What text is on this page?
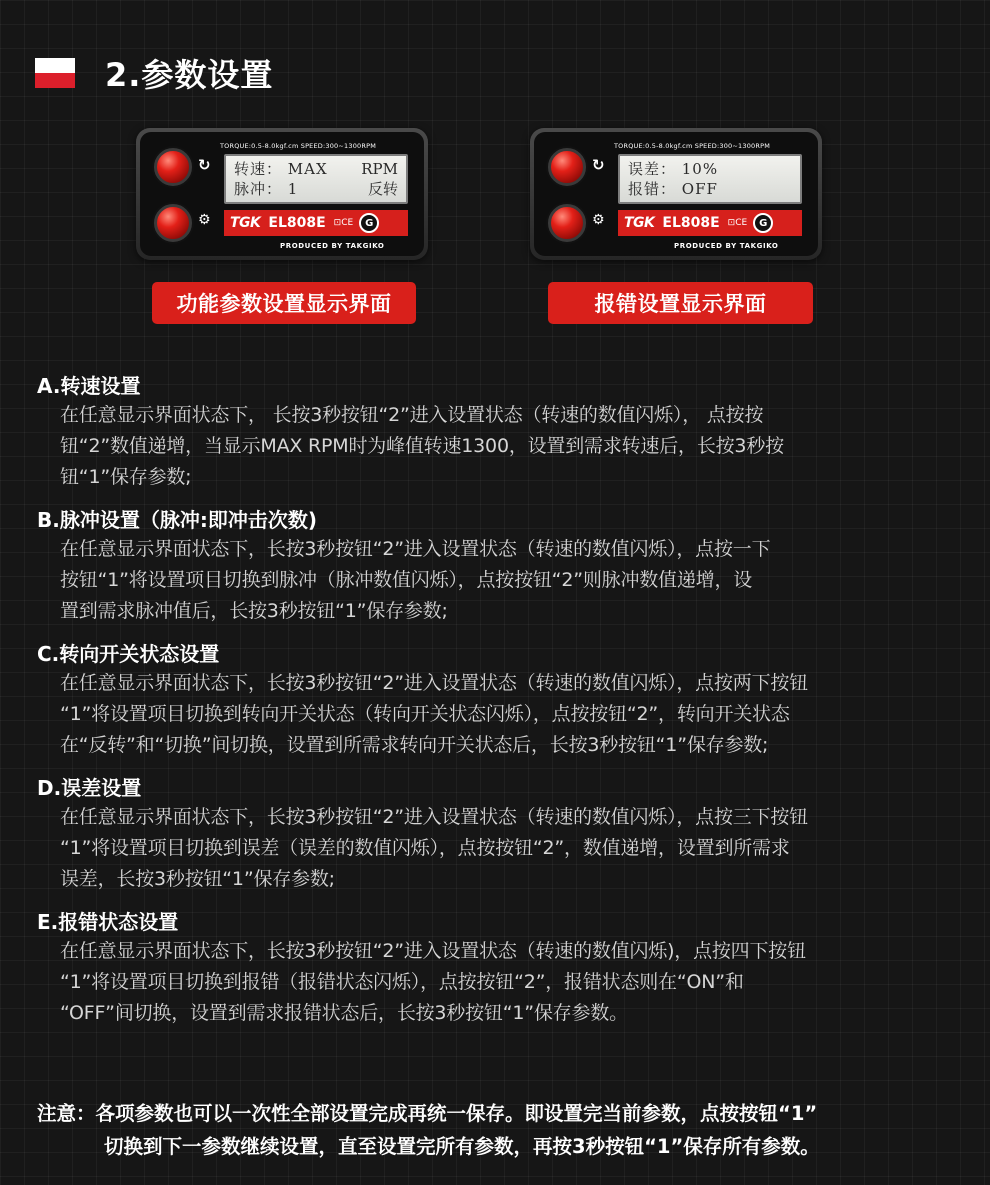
2.参数设置
TORQUE:0.5-8.0kgf.cm SPEED:300~1300RPM
↻
⚙
转速： MAX RPM
脉冲： 1	反转
TGK EL808E ⊡CE	G
PRODUCED BY TAKGIKO
TORQUE:0.5-8.0kgf.cm SPEED:300~1300RPM
↻
⚙
误差： 10%
报错： OFF
TGK EL808E ⊡CE	G
PRODUCED BY TAKGIKO
功能参数设置显示界面	报错设置显示界面
A.转速设置
在任意显示界面状态下， 长按3秒按钮“2”进入设置状态（转速的数值闪烁）， 点按按
钮“2”数值递增，当显示MAX RPM时为峰值转速1300，设置到需求转速后，长按3秒按
钮“1”保存参数;
B.脉冲设置（脉冲:即冲击次数)
在任意显示界面状态下，长按3秒按钮“2”进入设置状态（转速的数值闪烁），点按一下
按钮“1”将设置项目切换到脉冲（脉冲数值闪烁），点按按钮“2”则脉冲数值递增，设
置到需求脉冲值后，长按3秒按钮“1”保存参数;
C.转向开关状态设置
在任意显示界面状态下，长按3秒按钮“2”进入设置状态（转速的数值闪烁），点按两下按钮
“1”将设置项目切换到转向开关状态（转向开关状态闪烁），点按按钮“2”，转向开关状态
在“反转”和“切换”间切换，设置到所需求转向开关状态后，长按3秒按钮“1”保存参数;
D.误差设置
在任意显示界面状态下，长按3秒按钮“2”进入设置状态（转速的数值闪烁），点按三下按钮
“1”将设置项目切换到误差（误差的数值闪烁），点按按钮“2”，数值递增，设置到所需求
误差，长按3秒按钮“1”保存参数;
E.报错状态设置
在任意显示界面状态下，长按3秒按钮“2”进入设置状态（转速的数值闪烁)，点按四下按钮
“1”将设置项目切换到报错（报错状态闪烁），点按按钮“2”，报错状态则在“ON”和
“OFF”间切换，设置到需求报错状态后，长按3秒按钮“1”保存参数。
注意：各项参数也可以一次性全部设置完成再统一保存。即设置完当前参数，点按按钮“1”
切换到下一参数继续设置，直至设置完所有参数，再按3秒按钮“1”保存所有参数。
